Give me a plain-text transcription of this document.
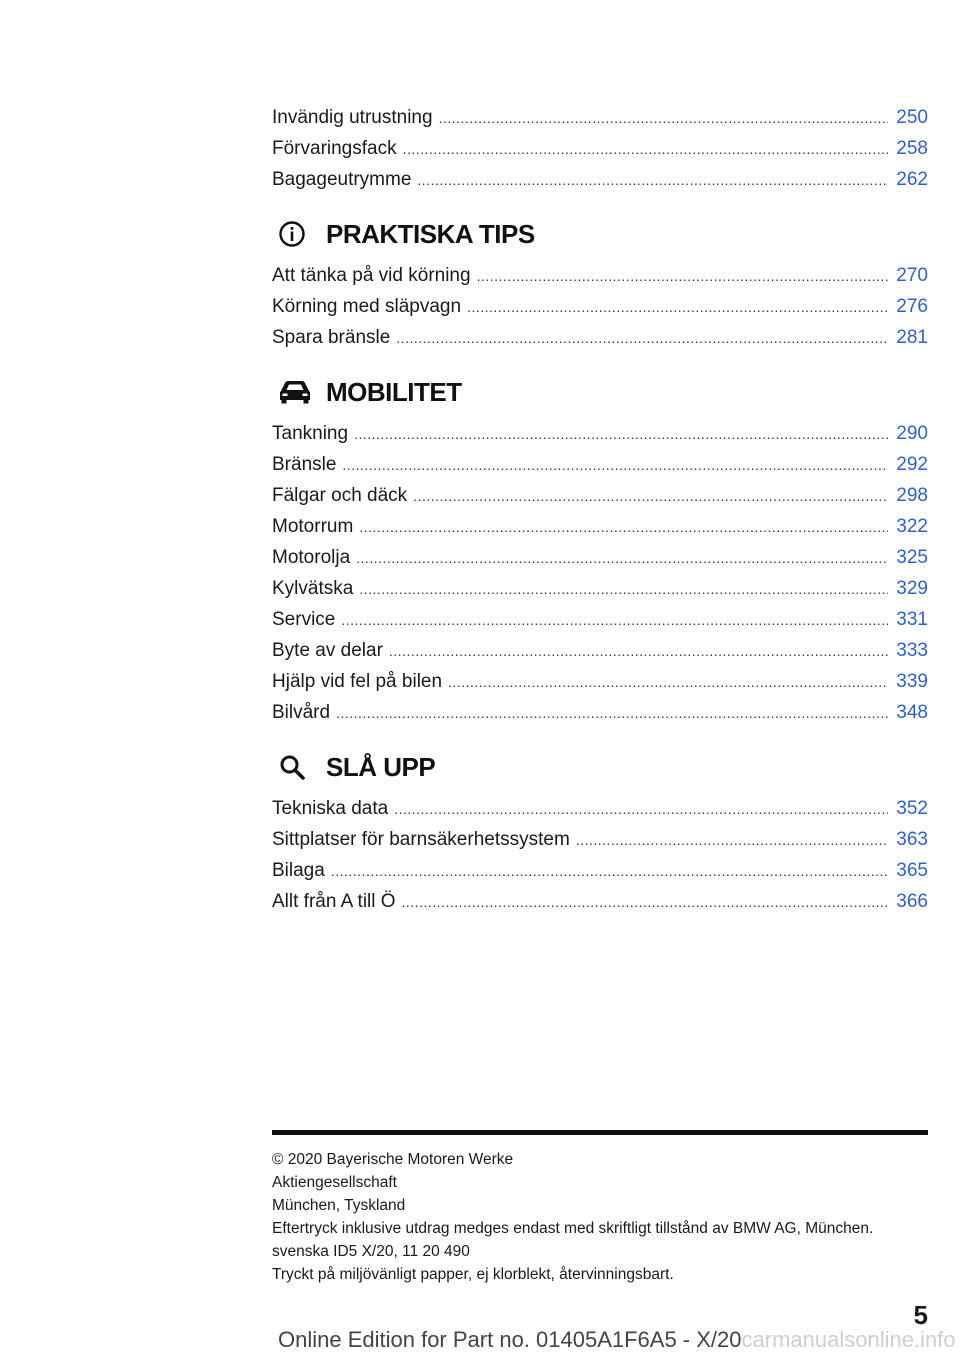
Invändig utrustning .....	250
Förvaringsfack .....	258
Bagageutrymme .....	262
PRAKTISKA TIPS
Att tänka på vid körning .....	270
Körning med släpvagn .....	276
Spara bränsle .....	281
MOBILITET
Tankning .....	290
Bränsle .....	292
Fälgar och däck .....	298
Motorrum .....	322
Motorolja .....	325
Kylvätska .....	329
Service .....	331
Byte av delar .....	333
Hjälp vid fel på bilen .....	339
Bilvård .....	348
SLÅ UPP
Tekniska data .....	352
Sittplatser för barnsäkerhetssystem .....	363
Bilaga .....	365
Allt från A till Ö .....	366
© 2020 Bayerische Motoren Werke
Aktiengesellschaft
München, Tyskland
Eftertryck inklusive utdrag medges endast med skriftligt tillstånd av BMW AG, München.
svenska ID5 X/20, 11 20 490
Tryckt på miljövänligt papper, ej klorblekt, återvinningsbart.
5
Online Edition for Part no. 01405A1F6A5 - X/20carmanualsonline.info
